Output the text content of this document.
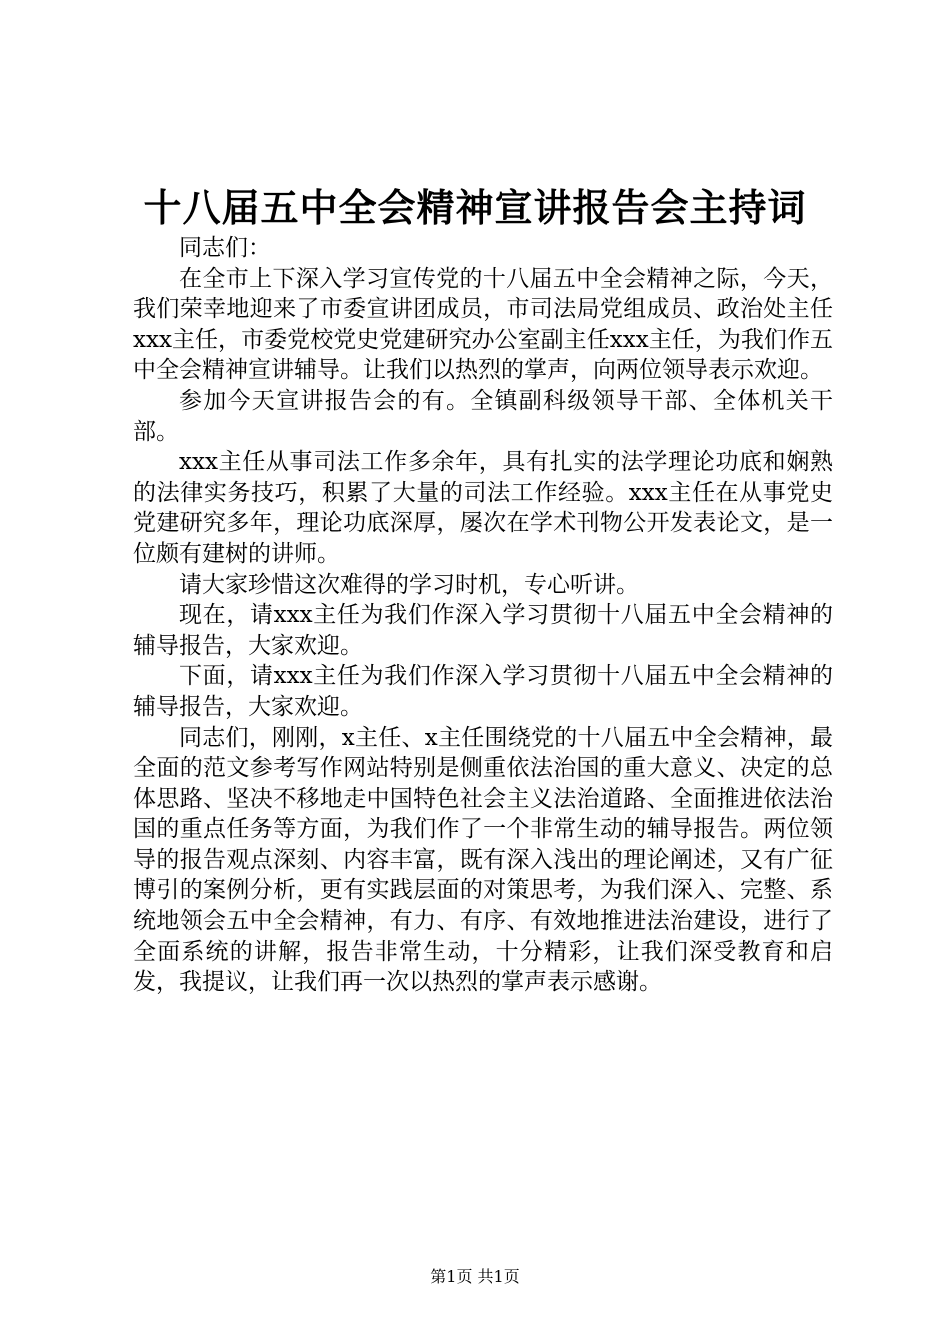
十八届五中全会精神宣讲报告会主持词

同志们：

在全市上下深入学习宣传党的十八届五中全会精神之际，今天，我们荣幸地迎来了市委宣讲团成员，市司法局党组成员、政治处主任xxx主任，市委党校党史党建研究办公室副主任xxx主任，为我们作五中全会精神宣讲辅导。让我们以热烈的掌声，向两位领导表示欢迎。

参加今天宣讲报告会的有。全镇副科级领导干部、全体机关干部。

xxx主任从事司法工作多余年，具有扎实的法学理论功底和娴熟的法律实务技巧，积累了大量的司法工作经验。xxx主任在从事党史党建研究多年，理论功底深厚，屡次在学术刊物公开发表论文，是一位颇有建树的讲师。

请大家珍惜这次难得的学习时机，专心听讲。

现在，请xxx主任为我们作深入学习贯彻十八届五中全会精神的辅导报告，大家欢迎。

下面，请xxx主任为我们作深入学习贯彻十八届五中全会精神的辅导报告，大家欢迎。

同志们，刚刚，x主任、x主任围绕党的十八届五中全会精神，最全面的范文参考写作网站特别是侧重依法治国的重大意义、决定的总体思路、坚决不移地走中国特色社会主义法治道路、全面推进依法治国的重点任务等方面，为我们作了一个非常生动的辅导报告。两位领导的报告观点深刻、内容丰富，既有深入浅出的理论阐述，又有广征博引的案例分析，更有实践层面的对策思考，为我们深入、完整、系统地领会五中全会精神，有力、有序、有效地推进法治建设，进行了全面系统的讲解，报告非常生动，十分精彩，让我们深受教育和启发，我提议，让我们再一次以热烈的掌声表示感谢。

第1页 共1页
